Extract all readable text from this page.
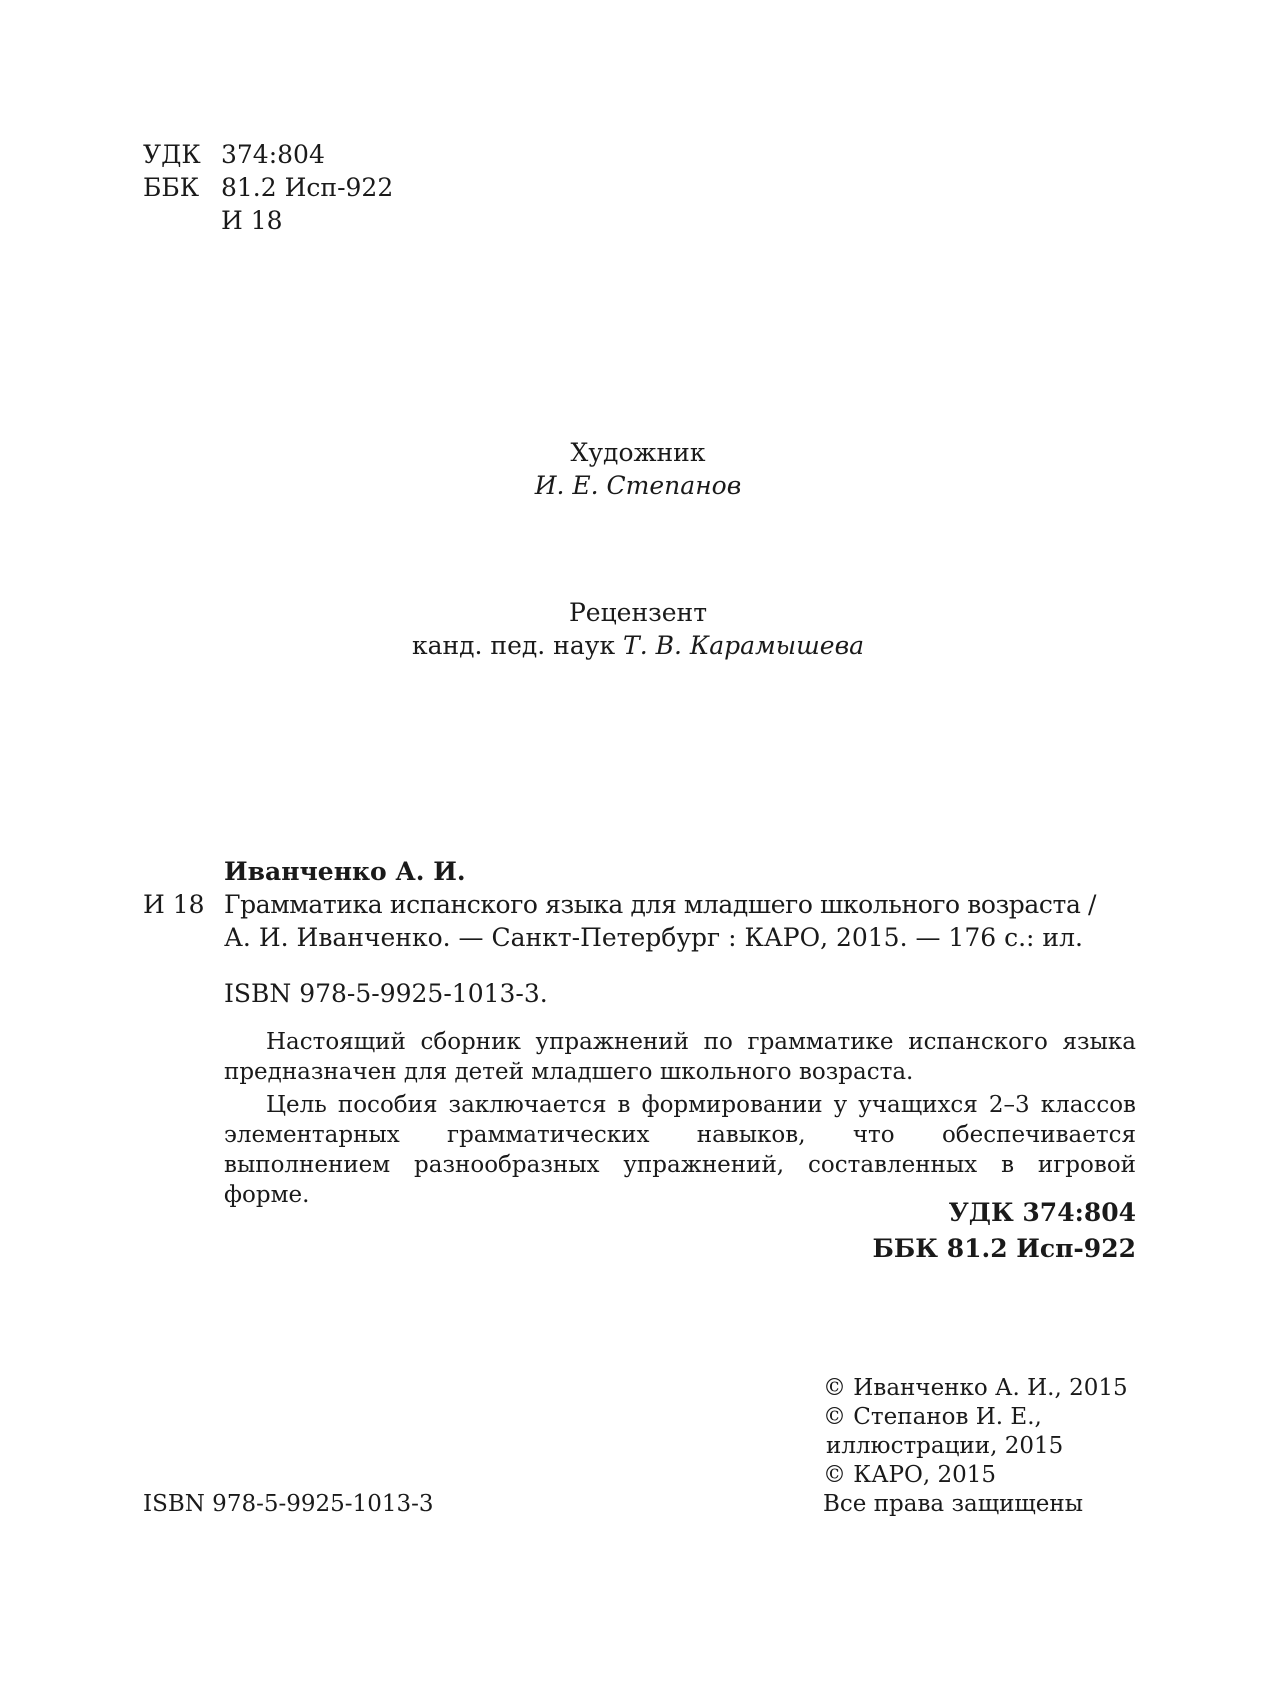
УДК 374:804
ББК 81.2 Исп-922
И 18
Художник
И. Е. Степанов
Рецензент
канд. пед. наук Т. В. Карамышева
Иванченко А. И.
И 18 Грамматика испанского языка для младшего школьного возраста /
А. И. Иванченко. — Санкт-Петербург : КАРО, 2015. — 176 с.: ил.
ISBN 978-5-9925-1013-3.
Настоящий сборник упражнений по грамматике испанского языка предназначен для детей младшего школьного возраста.
Цель пособия заключается в формировании у учащихся 2–3 классов элементарных грамматических навыков, что обеспечивается выполнением разнообразных упражнений, составленных в игровой форме.
УДК 374:804
ББК 81.2 Исп-922
© Иванченко А. И., 2015
© Степанов И. Е.,
иллюстрации, 2015
© КАРО, 2015
Все права защищены
ISBN 978-5-9925-1013-3
